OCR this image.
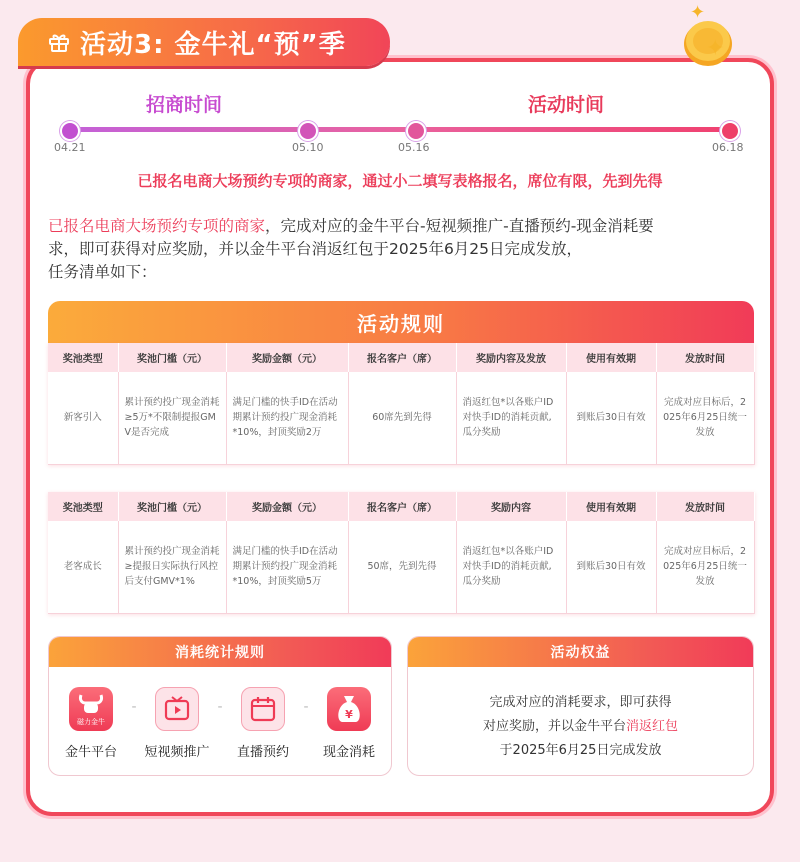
活动3: 金牛礼“预”季
✦
✦
招商时间	活动时间
04.21	05.10	05.16	06.18
已报名电商大场预约专项的商家，通过小二填写表格报名，席位有限，先到先得
已报名电商大场预约专项的商家，完成对应的金牛平台-短视频推广-直播预约-现金消耗要
求，即可获得对应奖励，并以金牛平台消返红包于2025年6月25日完成发放，
任务清单如下：
活动规则
奖池类型	奖池门槛（元）	奖励金额（元）	报名客户（席）	奖励内容及发放	使用有效期	发放时间
新客引入	累计预约投广现金消耗≥5万*不限制提报GMV是否完成	满足门槛的快手ID在活动期累计预约投广现金消耗*10%，封顶奖励2万	60席先到先得	消返红包*以各账户ID对快手ID的消耗贡献,瓜分奖励	到账后30日有效	完成对应目标后，2025年6月25日统一发放
奖池类型	奖池门槛（元）	奖励金额（元）	报名客户（席）	奖励内容	使用有效期	发放时间
老客成长	累计预约投广现金消耗≥提报日实际执行风控后支付GMV*1%	满足门槛的快手ID在活动期累计预约投广现金消耗*10%，封顶奖励5万	50席，先到先得	消返红包*以各账户ID对快手ID的消耗贡献,瓜分奖励	到账后30日有效	完成对应目标后，2025年6月25日统一发放
消耗统计规则
磁力金牛
金牛平台
-
短视频推广
-
直播预约
-	¥
现金消耗
活动权益
完成对应的消耗要求，即可获得
对应奖励，并以金牛平台消返红包
于2025年6月25日完成发放
